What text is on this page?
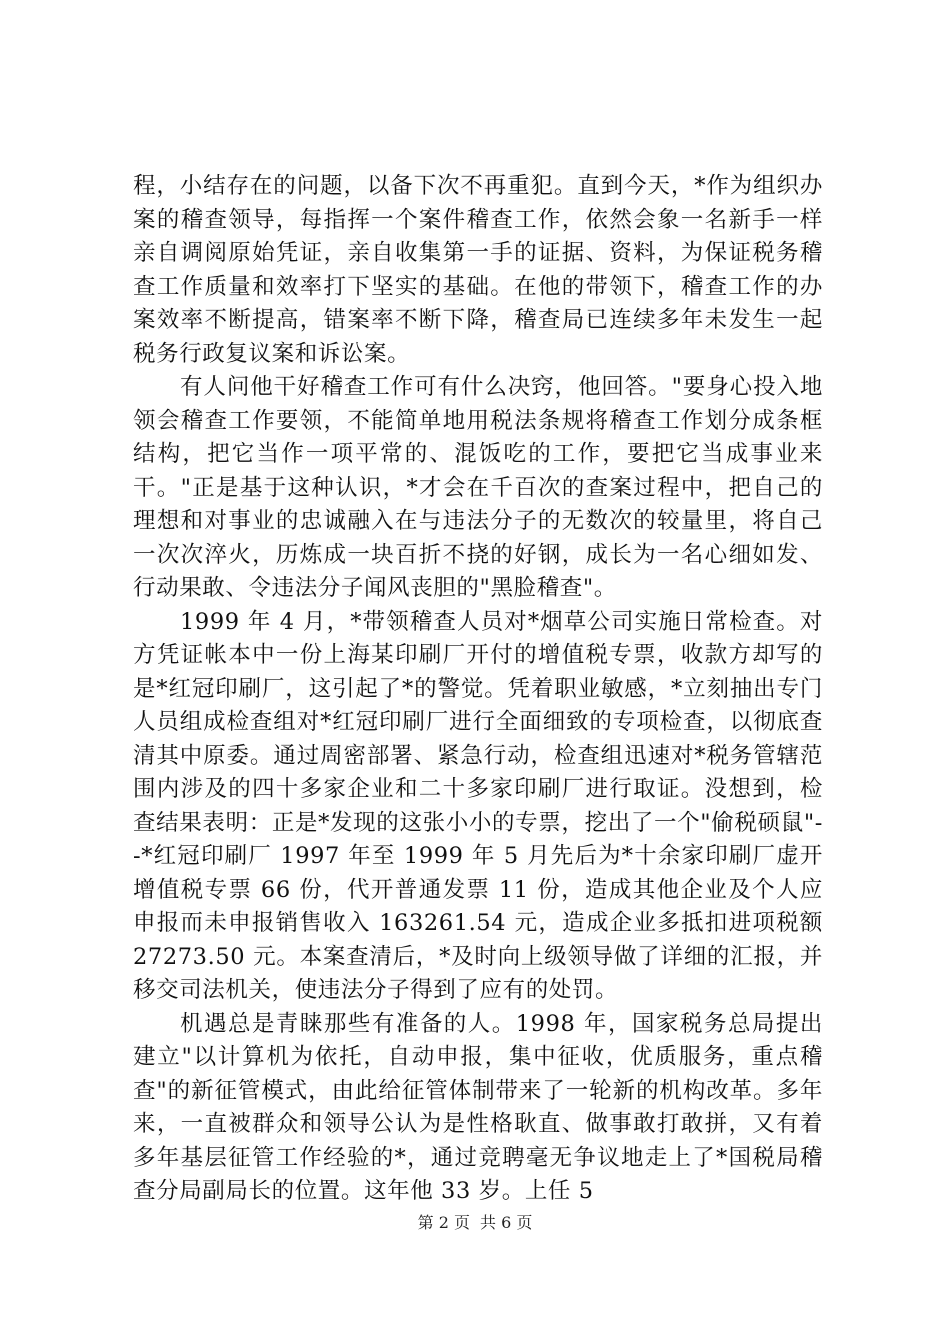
程，小结存在的问题，以备下次不再重犯。直到今天，*作为组织办案的稽查领导，每指挥一个案件稽查工作，依然会象一名新手一样亲自调阅原始凭证，亲自收集第一手的证据、资料，为保证税务稽查工作质量和效率打下坚实的基础。在他的带领下，稽查工作的办案效率不断提高，错案率不断下降，稽查局已连续多年未发生一起税务行政复议案和诉讼案。

有人问他干好稽查工作可有什么决窍，他回答。"要身心投入地领会稽查工作要领，不能简单地用税法条规将稽查工作划分成条框结构，把它当作一项平常的、混饭吃的工作，要把它当成事业来干。"正是基于这种认识，*才会在千百次的查案过程中，把自己的理想和对事业的忠诚融入在与违法分子的无数次的较量里，将自己一次次淬火，历炼成一块百折不挠的好钢，成长为一名心细如发、行动果敢、令违法分子闻风丧胆的"黑脸稽查"。

1999 年 4 月，*带领稽查人员对*烟草公司实施日常检查。对方凭证帐本中一份上海某印刷厂开付的增值税专票，收款方却写的是*红冠印刷厂，这引起了*的警觉。凭着职业敏感，*立刻抽出专门人员组成检查组对*红冠印刷厂进行全面细致的专项检查，以彻底查清其中原委。通过周密部署、紧急行动，检查组迅速对*税务管辖范围内涉及的四十多家企业和二十多家印刷厂进行取证。没想到，检查结果表明：正是*发现的这张小小的专票，挖出了一个"偷税硕鼠"--*红冠印刷厂 1997 年至 1999 年 5 月先后为*十余家印刷厂虚开增值税专票 66 份，代开普通发票 11 份，造成其他企业及个人应申报而未申报销售收入 163261.54 元，造成企业多抵扣进项税额 27273.50 元。本案查清后，*及时向上级领导做了详细的汇报，并移交司法机关，使违法分子得到了应有的处罚。

机遇总是青睐那些有准备的人。1998 年，国家税务总局提出建立"以计算机为依托，自动申报，集中征收，优质服务，重点稽查"的新征管模式，由此给征管体制带来了一轮新的机构改革。多年来，一直被群众和领导公认为是性格耿直、做事敢打敢拼，又有着多年基层征管工作经验的*，通过竞聘毫无争议地走上了*国税局稽查分局副局长的位置。这年他 33 岁。上任 5

第 2 页 共 6 页
